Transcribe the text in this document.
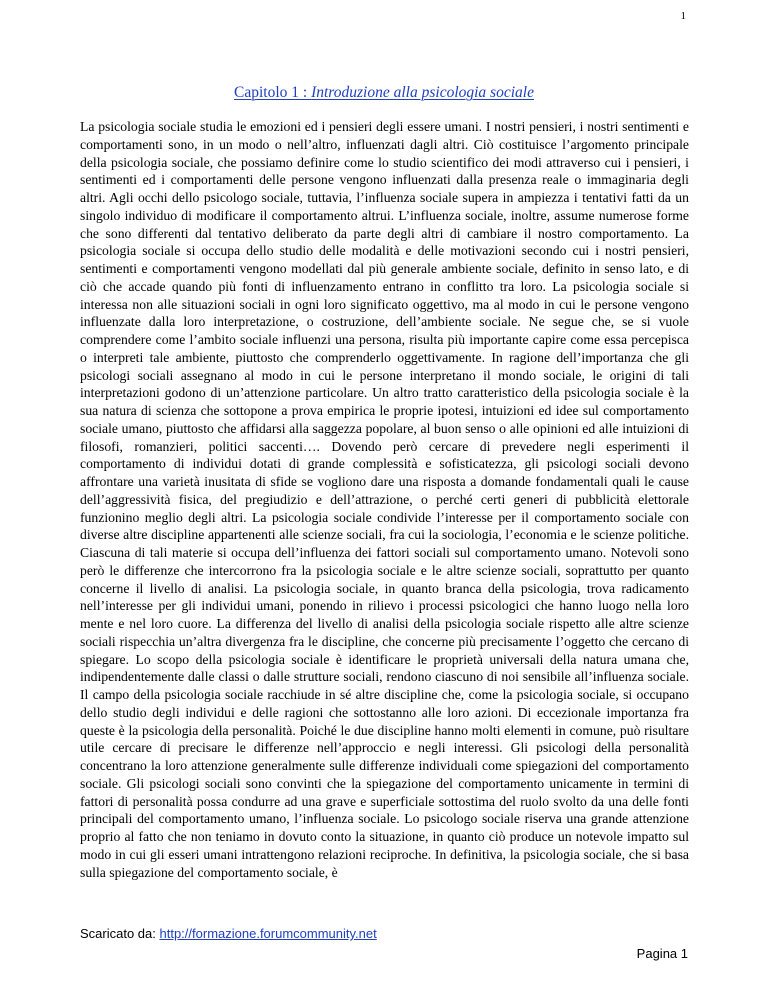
1
Capitolo 1 : Introduzione alla psicologia sociale

La psicologia sociale studia le emozioni ed i pensieri degli essere umani. I nostri pensieri, i nostri sentimenti e comportamenti sono, in un modo o nell’altro, influenzati dagli altri. Ciò costituisce l’argomento principale della psicologia sociale, che possiamo definire come lo studio scientifico dei modi attraverso cui i pensieri, i sentimenti ed i comportamenti delle persone vengono influenzati dalla presenza reale o immaginaria degli altri. Agli occhi dello psicologo sociale, tuttavia, l’influenza sociale supera in ampiezza i tentativi fatti da un singolo individuo di modificare il comportamento altrui. L’influenza sociale, inoltre, assume numerose forme che sono differenti dal tentativo deliberato da parte degli altri di cambiare il nostro comportamento. La psicologia sociale si occupa dello studio delle modalità e delle motivazioni secondo cui i nostri pensieri, sentimenti e comportamenti vengono modellati dal più generale ambiente sociale, definito in senso lato, e di ciò che accade quando più fonti di influenzamento entrano in conflitto tra loro. La psicologia sociale si interessa non alle situazioni sociali in ogni loro significato oggettivo, ma al modo in cui le persone vengono influenzate dalla loro interpretazione, o costruzione, dell’ambiente sociale. Ne segue che, se si vuole comprendere come l’ambito sociale influenzi una persona, risulta più importante capire come essa percepisca o interpreti tale ambiente, piuttosto che comprenderlo oggettivamente. In ragione dell’importanza che gli psicologi sociali assegnano al modo in cui le persone interpretano il mondo sociale, le origini di tali interpretazioni godono di un’attenzione particolare. Un altro tratto caratteristico della psicologia sociale è la sua natura di scienza che sottopone a prova empirica le proprie ipotesi, intuizioni ed idee sul comportamento sociale umano, piuttosto che affidarsi alla saggezza popolare, al buon senso o alle opinioni ed alle intuizioni di filosofi, romanzieri, politici saccenti…. Dovendo però cercare di prevedere negli esperimenti il comportamento di individui dotati di grande complessità e sofisticatezza, gli psicologi sociali devono affrontare una varietà inusitata di sfide se vogliono dare una risposta a domande fondamentali quali le cause dell’aggressività fisica, del pregiudizio e dell’attrazione, o perché certi generi di pubblicità elettorale funzionino meglio degli altri. La psicologia sociale condivide l’interesse per il comportamento sociale con diverse altre discipline appartenenti alle scienze sociali, fra cui la sociologia, l’economia e le scienze politiche. Ciascuna di tali materie si occupa dell’influenza dei fattori sociali sul comportamento umano. Notevoli sono però le differenze che intercorrono fra la psicologia sociale e le altre scienze sociali, soprattutto per quanto concerne il livello di analisi. La psicologia sociale, in quanto branca della psicologia, trova radicamento nell’interesse per gli individui umani, ponendo in rilievo i processi psicologici che hanno luogo nella loro mente e nel loro cuore. La differenza del livello di analisi della psicologia sociale rispetto alle altre scienze sociali rispecchia un’altra divergenza fra le discipline, che concerne più precisamente l’oggetto che cercano di spiegare. Lo scopo della psicologia sociale è identificare le proprietà universali della natura umana che, indipendentemente dalle classi o dalle strutture sociali, rendono ciascuno di noi sensibile all’influenza sociale. Il campo della psicologia sociale racchiude in sé altre discipline che, come la psicologia sociale, si occupano dello studio degli individui e delle ragioni che sottostanno alle loro azioni. Di eccezionale importanza fra queste è la psicologia della personalità. Poiché le due discipline hanno molti elementi in comune, può risultare utile cercare di precisare le differenze nell’approccio e negli interessi. Gli psicologi della personalità concentrano la loro attenzione generalmente sulle differenze individuali come spiegazioni del comportamento sociale. Gli psicologi sociali sono convinti che la spiegazione del comportamento unicamente in termini di fattori di personalità possa condurre ad una grave e superficiale sottostima del ruolo svolto da una delle fonti principali del comportamento umano, l’influenza sociale. Lo psicologo sociale riserva una grande attenzione proprio al fatto che non teniamo in dovuto conto la situazione, in quanto ciò produce un notevole impatto sul modo in cui gli esseri umani intrattengono relazioni reciproche. In definitiva, la psicologia sociale, che si basa sulla spiegazione del comportamento sociale, è

Scaricato da: http://formazione.forumcommunity.net
Pagina 1
